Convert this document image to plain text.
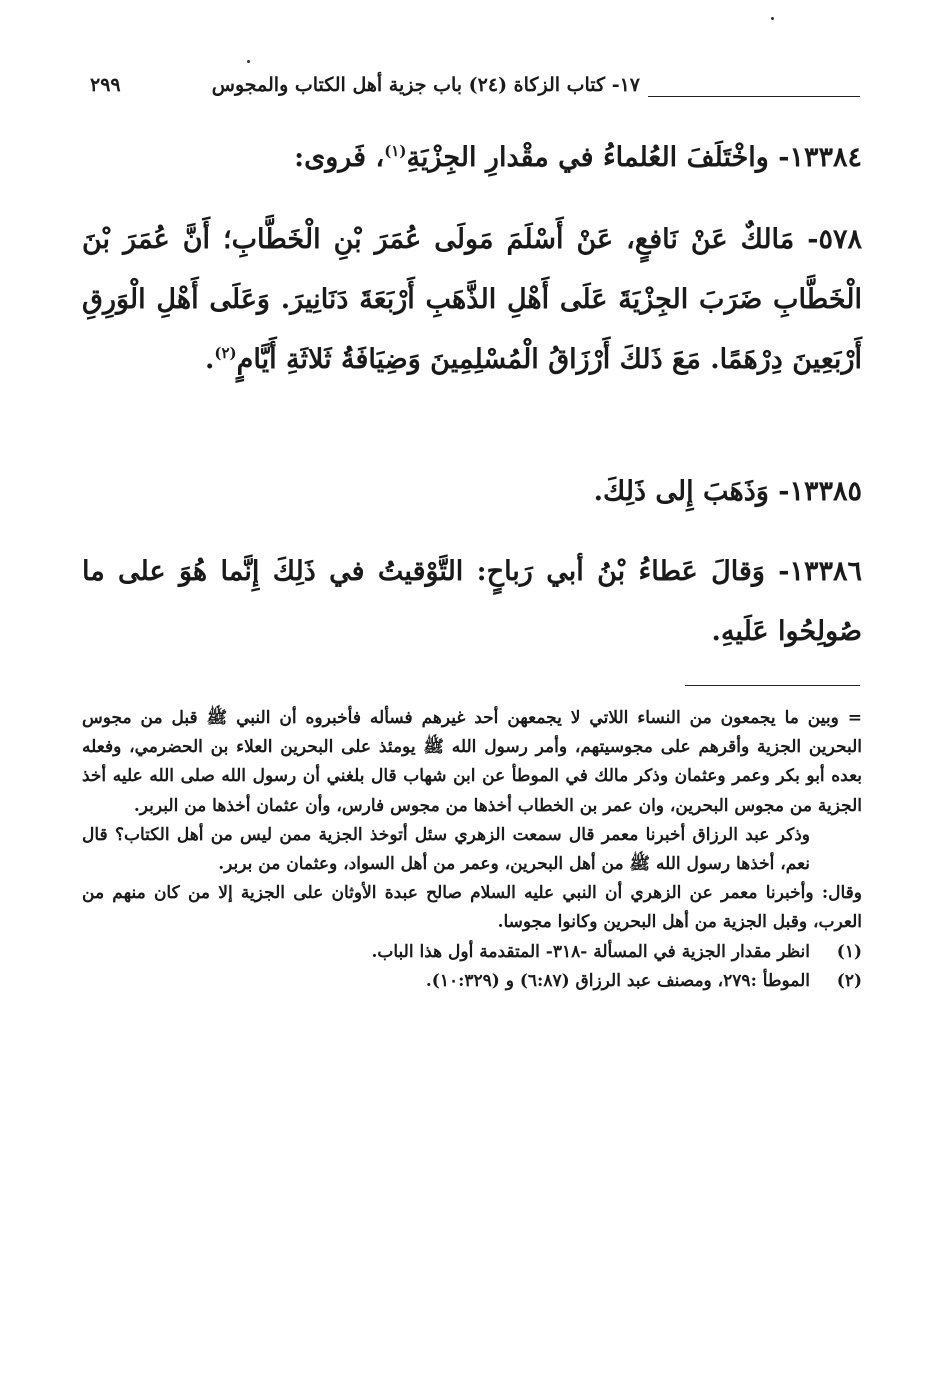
١٧- كتاب الزكاة (٢٤) باب جزية أهل الكتاب والمجوس
٢٩٩

١٣٣٨٤- واخْتَلَفَ العُلماءُ في مقْدارِ الجِزْيَةِ$^{(١)}$، فَروى:

٥٧٨- مَالكٌ عَنْ نَافعٍ، عَنْ أَسْلَمَ مَولَى عُمَرَ بْنِ الْخَطَّابِ؛ أَنَّ عُمَرَ بْنَ الْخَطَّابِ ضَرَبَ الجِزْيَةَ عَلَى أَهْلِ الذَّهَبِ أَرْبَعَةَ دَنَانِيرَ. وَعَلَى أَهْلِ الْوَرِقِ أَرْبَعِينَ دِرْهَمًا. مَعَ ذَلكَ أَرْزَاقُ الْمُسْلِمِينَ وَضِيَافَةُ ثَلاثَةِ أَيَّامٍ$^{(٢)}$.

١٣٣٨٥- وَذَهَبَ إِلى ذَلِكَ.

١٣٣٨٦- وَقالَ عَطاءُ بْنُ أبي رَباحٍ: التَّوْقيتُ في ذَلِكَ إِنَّما هُوَ على ما صُولِحُوا عَلَيهِ.

= وبين ما يجمعون من النساء اللاتي لا يجمعهن أحد غيرهم فسأله فأخبروه أن النبي ﷺ قبل من مجوس البحرين الجزية وأقرهم على مجوسيتهم، وأمر رسول الله ﷺ يومئذ على البحرين العلاء بن الحضرمي، وفعله بعده أبو بكر وعمر وعثمان وذكر مالك في الموطأ عن ابن شهاب قال بلغني أن رسول الله صلى الله عليه أخذ الجزية من مجوس البحرين، وان عمر بن الخطاب أخذها من مجوس فارس، وأن عثمان أخذها من البربر.

وذكر عبد الرزاق أخبرنا معمر قال سمعت الزهري سئل أتوخذ الجزية ممن ليس من أهل الكتاب؟ قال نعم، أخذها رسول الله ﷺ من أهل البحرين، وعمر من أهل السواد، وعثمان من بربر.

وقال: وأخبرنا معمر عن الزهري أن النبي عليه السلام صالح عبدة الأوثان على الجزية إلا من كان منهم من العرب، وقبل الجزية من أهل البحرين وكانوا مجوسا.

(١)
انظر مقدار الجزية في المسألة -٣١٨- المتقدمة أول هذا الباب.
(٢)
الموطأ :٢٧٩، ومصنف عبد الرزاق (٦:٨٧) و (١٠:٣٢٩).
